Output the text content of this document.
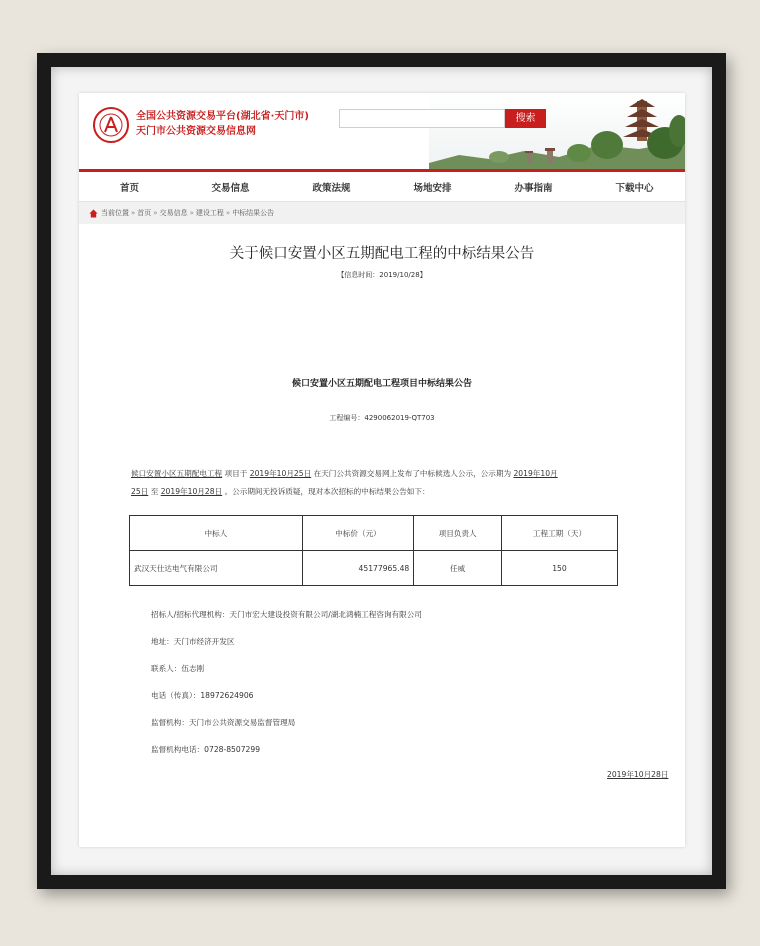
全国公共资源交易平台(湖北省·天门市)
天门市公共资源交易信息网
搜索
首页	交易信息	政策法规	场地安排	办事指南	下载中心
当前位置 » 首页 » 交易信息 » 建设工程 » 中标结果公告
关于候口安置小区五期配电工程的中标结果公告
【信息时间：2019/10/28】
候口安置小区五期配电工程项目中标结果公告
工程编号：4290062019-QT703
候口安置小区五期配电工程 项目于 2019年10月25日 在天门公共资源交易网上发布了中标候选人公示，公示期为 2019年10月
25日 至 2019年10月28日 。公示期间无投诉质疑，现对本次招标的中标结果公告如下：
中标人	中标价（元）	项目负责人	工程工期（天）
武汉天仕达电气有限公司	45177965.48	任威	150
招标人/招标代理机构：天门市宏大建设投资有限公司/湖北鸿楠工程咨询有限公司
地址：天门市经济开发区
联系人：伍志刚
电话（传真）：18972624906
监督机构：天门市公共资源交易监督管理局
监督机构电话：0728-8507299
2019年10月28日
